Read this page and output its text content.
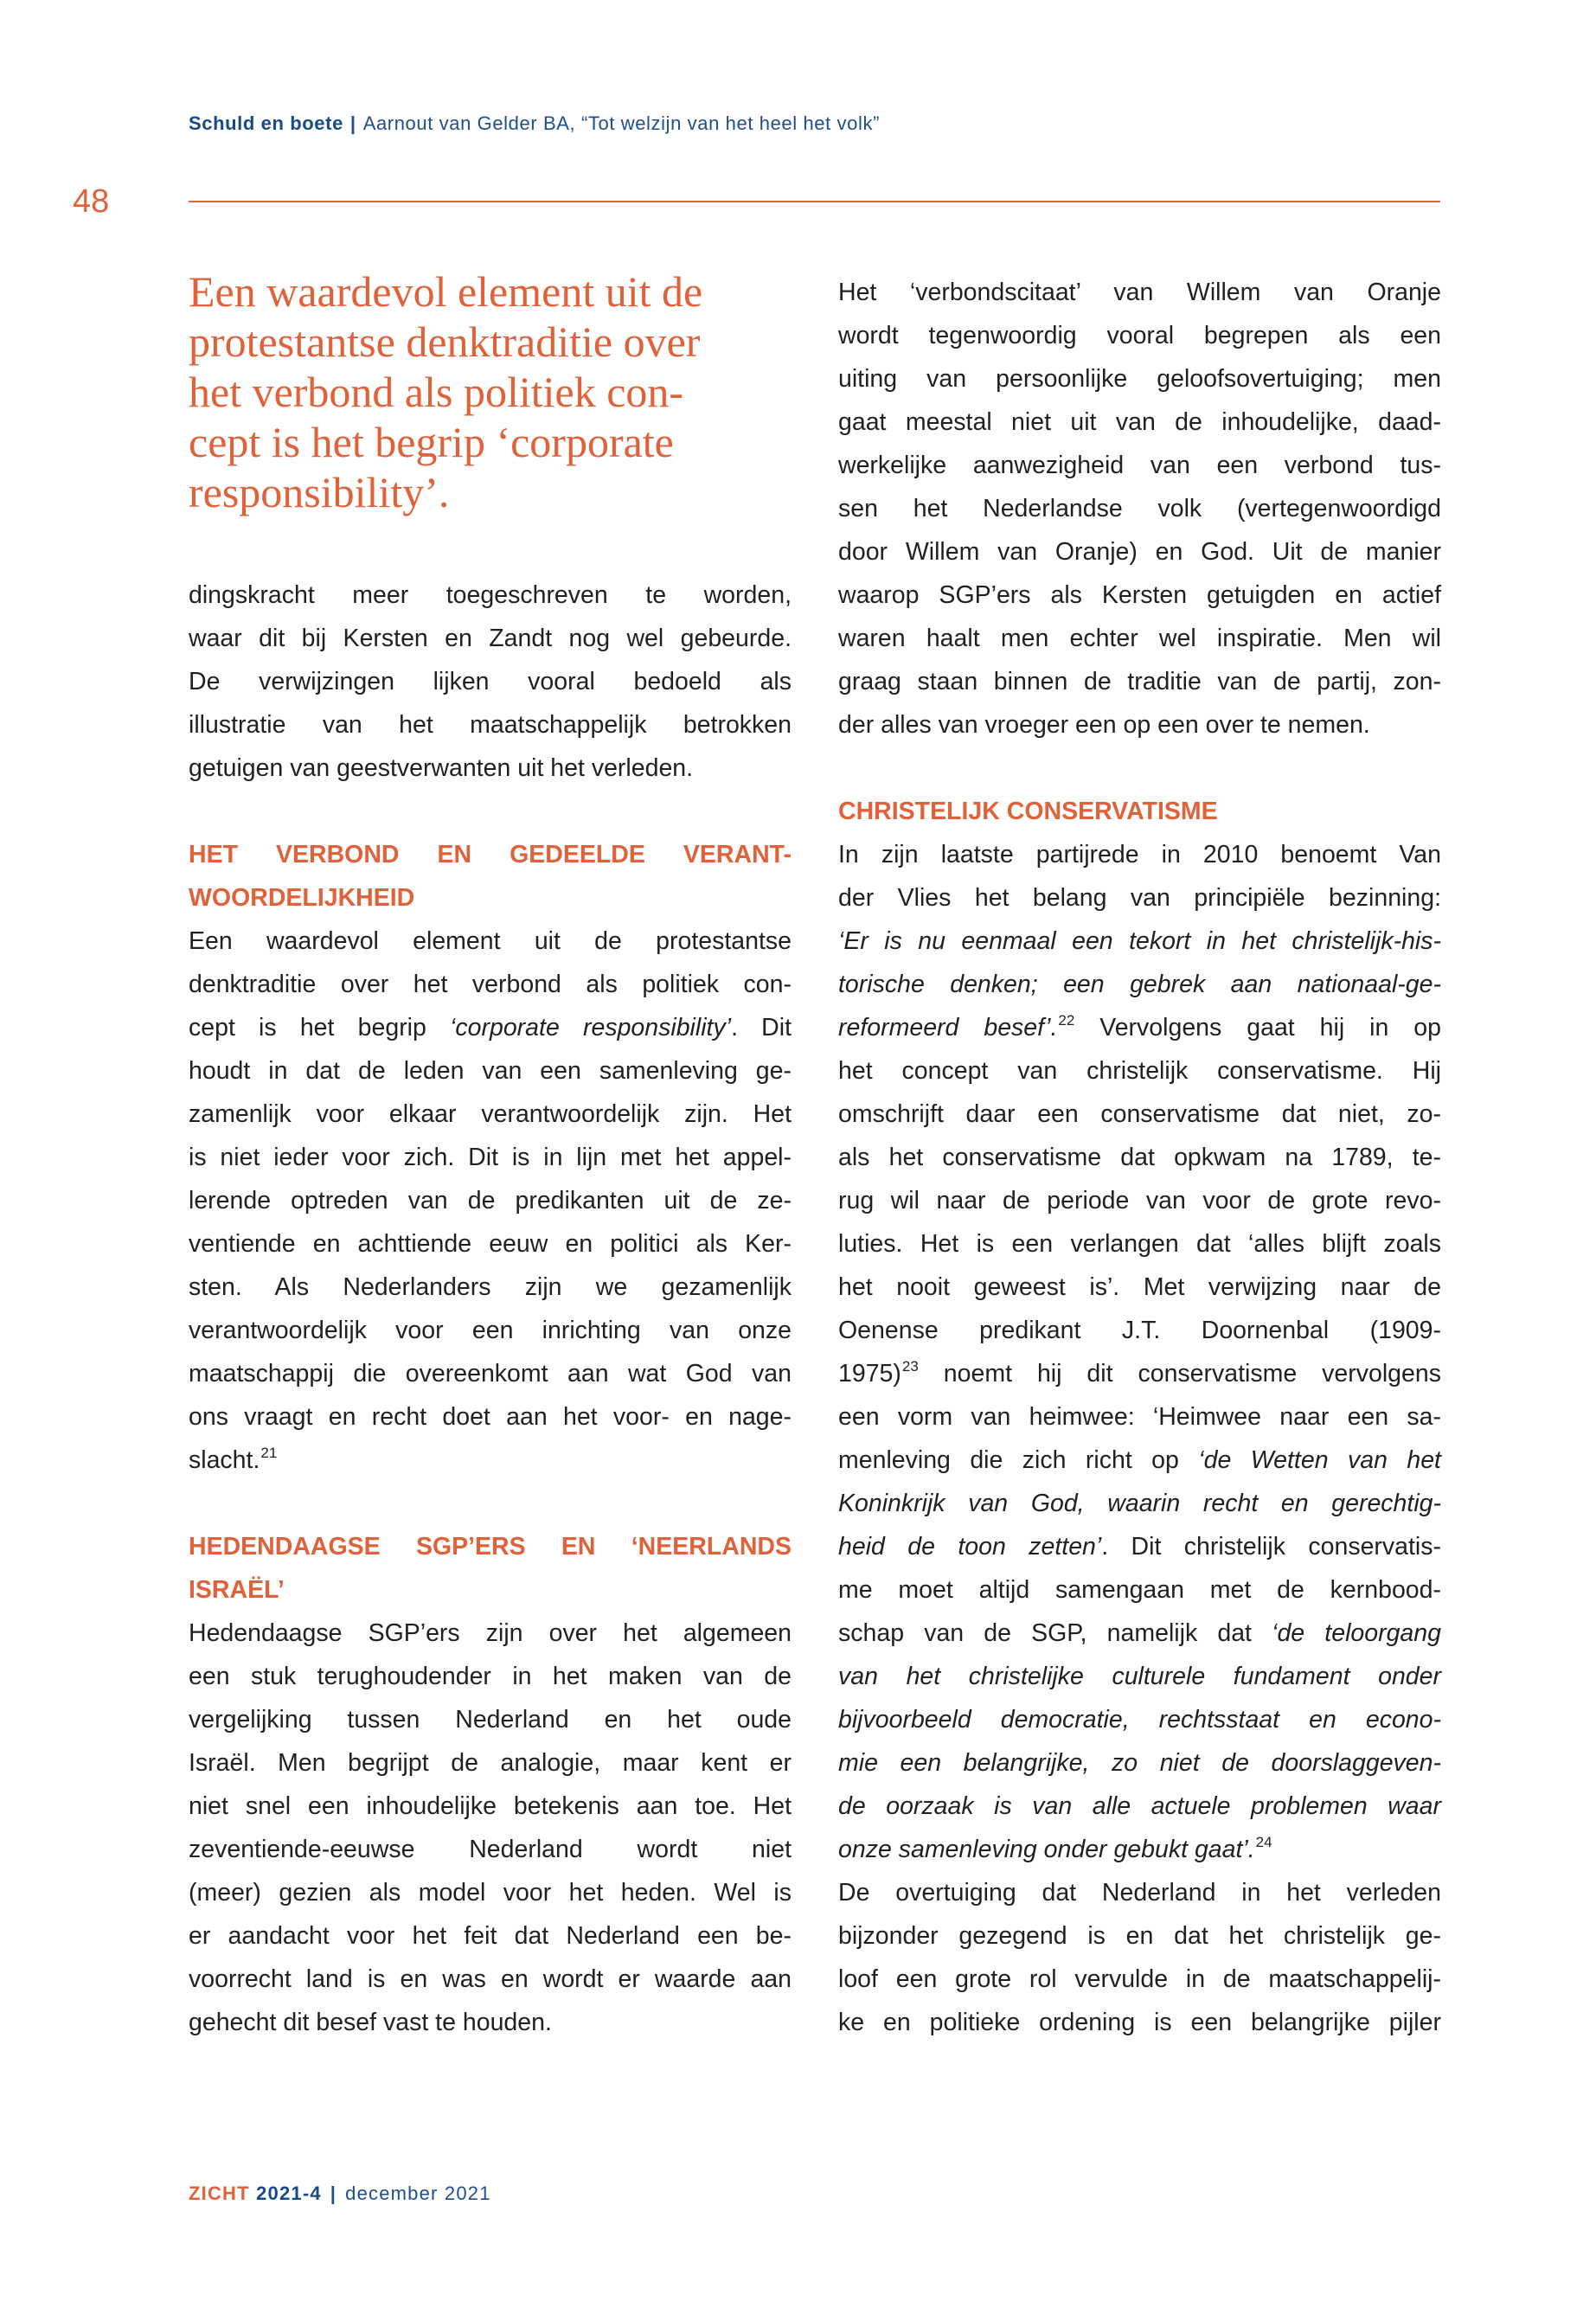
Schuld en boete | Aarnout van Gelder BA, “Tot welzijn van het heel het volk”
48
Een waardevol element uit de
protestantse denktraditie over
het verbond als politiek con-
cept is het begrip ‘corporate
responsibility’.
dingskracht meer toegeschreven te worden,
waar dit bij Kersten en Zandt nog wel gebeurde.
De verwijzingen lijken vooral bedoeld als
illustratie van het maatschappelijk betrokken
getuigen van geestverwanten uit het verleden.
HET VERBOND EN GEDEELDE VERANT-
WOORDELIJKHEID
Een waardevol element uit de protestantse
denktraditie over het verbond als politiek con-
cept is het begrip ‘corporate responsibility’. Dit
houdt in dat de leden van een samenleving ge-
zamenlijk voor elkaar verantwoordelijk zijn. Het
is niet ieder voor zich. Dit is in lijn met het appel-
lerende optreden van de predikanten uit de ze-
ventiende en achttiende eeuw en politici als Ker-
sten. Als Nederlanders zijn we gezamenlijk
verantwoordelijk voor een inrichting van onze
maatschappij die overeenkomt aan wat God van
ons vraagt en recht doet aan het voor- en nage-
slacht.$^{21}$
HEDENDAAGSE SGP’ERS EN ‘NEERLANDS
ISRAËL’
Hedendaagse SGP’ers zijn over het algemeen
een stuk terughoudender in het maken van de
vergelijking tussen Nederland en het oude
Israël. Men begrijpt de analogie, maar kent er
niet snel een inhoudelijke betekenis aan toe. Het
zeventiende-eeuwse Nederland wordt niet
(meer) gezien als model voor het heden. Wel is
er aandacht voor het feit dat Nederland een be-
voorrecht land is en was en wordt er waarde aan
gehecht dit besef vast te houden.
Het ‘verbondscitaat’ van Willem van Oranje
wordt tegenwoordig vooral begrepen als een
uiting van persoonlijke geloofsovertuiging; men
gaat meestal niet uit van de inhoudelijke, daad-
werkelijke aanwezigheid van een verbond tus-
sen het Nederlandse volk (vertegenwoordigd
door Willem van Oranje) en God. Uit de manier
waarop SGP’ers als Kersten getuigden en actief
waren haalt men echter wel inspiratie. Men wil
graag staan binnen de traditie van de partij, zon-
der alles van vroeger een op een over te nemen.
CHRISTELIJK CONSERVATISME
In zijn laatste partijrede in 2010 benoemt Van
der Vlies het belang van principiële bezinning:
‘Er is nu eenmaal een tekort in het christelijk-his-
torische denken; een gebrek aan nationaal-ge-
reformeerd besef’.$^{22}$ Vervolgens gaat hij in op
het concept van christelijk conservatisme. Hij
omschrijft daar een conservatisme dat niet, zo-
als het conservatisme dat opkwam na 1789, te-
rug wil naar de periode van voor de grote revo-
luties. Het is een verlangen dat ‘alles blijft zoals
het nooit geweest is’. Met verwijzing naar de
Oenense predikant J.T. Doornenbal (1909-
1975)$^{23}$ noemt hij dit conservatisme vervolgens
een vorm van heimwee: ‘Heimwee naar een sa-
menleving die zich richt op ‘de Wetten van het
Koninkrijk van God, waarin recht en gerechtig-
heid de toon zetten’. Dit christelijk conservatis-
me moet altijd samengaan met de kernbood-
schap van de SGP, namelijk dat ‘de teloorgang
van het christelijke culturele fundament onder
bijvoorbeeld democratie, rechtsstaat en econo-
mie een belangrijke, zo niet de doorslaggeven-
de oorzaak is van alle actuele problemen waar
onze samenleving onder gebukt gaat’.$^{24}$
De overtuiging dat Nederland in het verleden
bijzonder gezegend is en dat het christelijk ge-
loof een grote rol vervulde in de maatschappelij-
ke en politieke ordening is een belangrijke pijler
ZICHT 2021-4 | december 2021
